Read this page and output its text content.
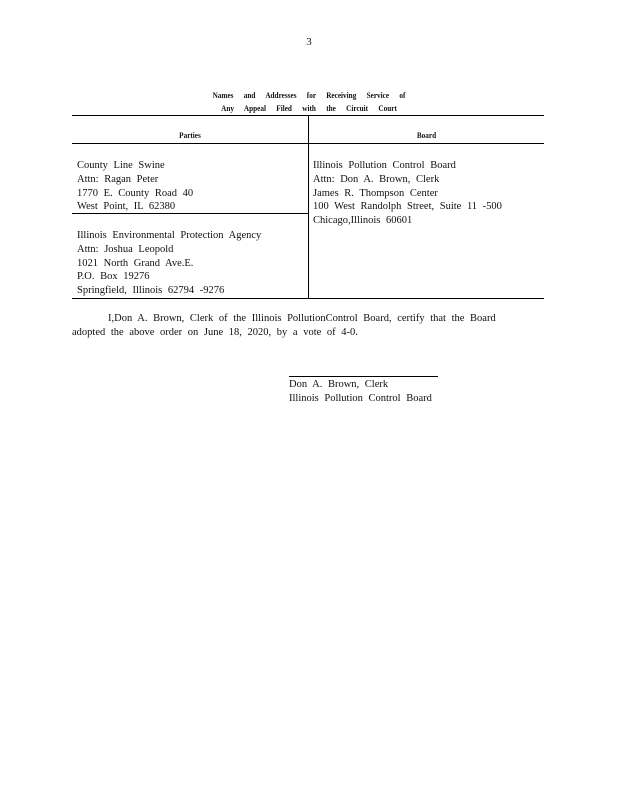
3
Names and Addresses for Receiving Service of
Any Appeal Filed with the Circuit Court
Parties	Board
County Line Swine
Attn: Ragan Peter
1770 E. County Road 40
West Point, IL 62380
Illinois Environmental Protection Agency
Attn: Joshua Leopold
1021 North Grand Ave.E.
P.O. Box 19276
Springfield, Illinois 62794 -9276
Illinois Pollution Control Board
Attn: Don A. Brown, Clerk
James R. Thompson Center
100 West Randolph Street, Suite 11 -500
Chicago,Illinois 60601
I,Don A. Brown, Clerk of the Illinois PollutionControl Board, certify that the Board
adopted the above order on June 18, 2020, by a vote of 4-0.
Don A. Brown, Clerk
Illinois Pollution Control Board
